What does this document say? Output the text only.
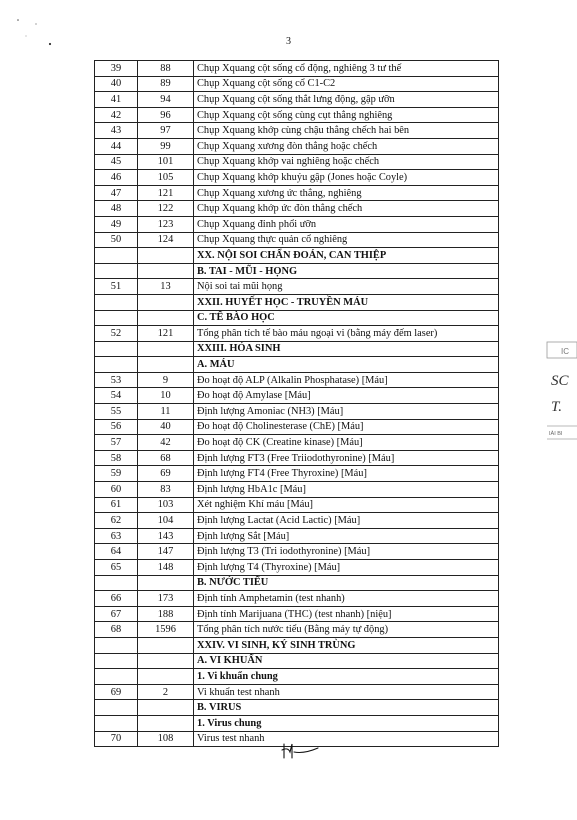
3
39	88	Chụp Xquang cột sống cổ động, nghiêng 3 tư thế
40	89	Chụp Xquang cột sống cổ C1-C2
41	94	Chụp Xquang cột sống thắt lưng động, gập ưỡn
42	96	Chụp Xquang cột sống cùng cụt thẳng nghiêng
43	97	Chụp Xquang khớp cùng chậu thẳng chếch hai bên
44	99	Chụp Xquang xương đòn thẳng hoặc chếch
45	101	Chụp Xquang khớp vai nghiêng hoặc chếch
46	105	Chụp Xquang khớp khuỷu gập (Jones hoặc Coyle)
47	121	Chụp Xquang xương ức thẳng, nghiêng
48	122	Chụp Xquang khớp ức đòn thẳng chếch
49	123	Chụp Xquang đỉnh phổi ưỡn
50	124	Chụp Xquang thực quản cổ nghiêng
		XX. NỘI SOI CHẨN ĐOÁN, CAN THIỆP
		B. TAI - MŨI - HỌNG
51	13	Nội soi tai mũi họng
		XXII. HUYẾT HỌC - TRUYỀN MÁU
		C. TẾ BÀO HỌC
52	121	Tổng phân tích tế bào máu ngoại vi (bằng máy đếm laser)
		XXIII. HÓA SINH
		A. MÁU
53	9	Đo hoạt độ ALP (Alkalin Phosphatase) [Máu]
54	10	Đo hoạt độ Amylase [Máu]
55	11	Định lượng Amoniac (NH3) [Máu]
56	40	Đo hoạt độ Cholinesterase (ChE) [Máu]
57	42	Đo hoạt độ CK (Creatine kinase) [Máu]
58	68	Định lượng FT3 (Free Triiodothyronine) [Máu]
59	69	Định lượng FT4 (Free Thyroxine) [Máu]
60	83	Định lượng HbA1c [Máu]
61	103	Xét nghiệm Khí máu [Máu]
62	104	Định lượng Lactat (Acid Lactic) [Máu]
63	143	Định lượng Sắt [Máu]
64	147	Định lượng T3 (Tri iodothyronine) [Máu]
65	148	Định lượng T4 (Thyroxine) [Máu]
		B. NƯỚC TIỂU
66	173	Định tính Amphetamin (test nhanh)
67	188	Định tính Marijuana (THC) (test nhanh) [niệu]
68	1596	Tổng phân tích nước tiểu (Bằng máy tự động)
		XXIV. VI SINH, KÝ SINH TRÙNG
		A. VI KHUẨN
		1. Vi khuẩn chung
69	2	Vi khuẩn test nhanh
		B. VIRUS
		1. Virus chung
70	108	Virus test nhanh
IC
SC
T.
IÀI BI
